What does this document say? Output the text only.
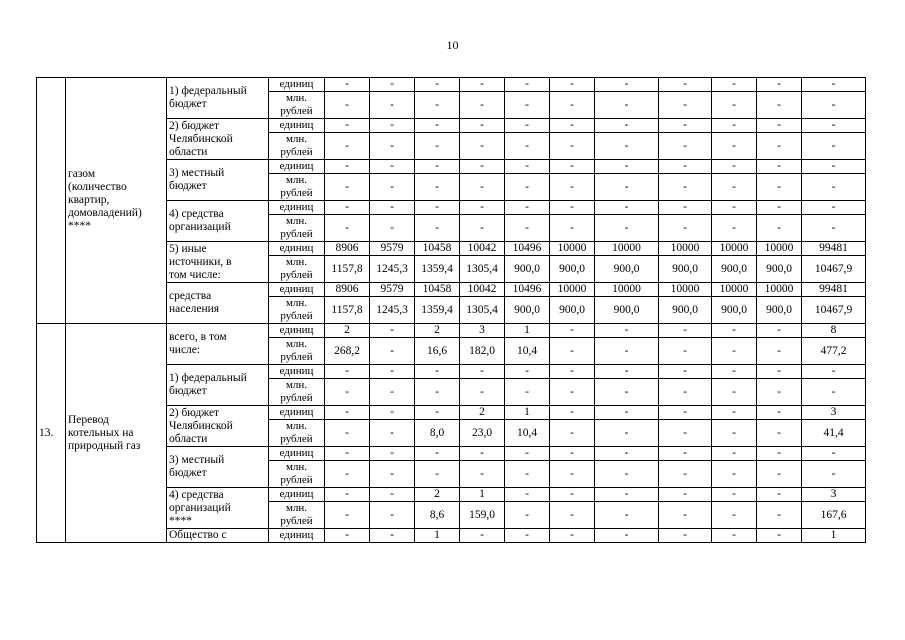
10

	газом
(количество
квартир,
домовладений)
****	1) федеральный
бюджет	единиц	-	-	-	-	-	-	-	-	-	-	-

			млн. рублей	-	-	-	-	-	-	-	-	-	-	-

		2) бюджет
Челябинской
области	единиц	-	-	-	-	-	-	-	-	-	-	-

			млн. рублей	-	-	-	-	-	-	-	-	-	-	-

		3) местный
бюджет	единиц	-	-	-	-	-	-	-	-	-	-	-

			млн. рублей	-	-	-	-	-	-	-	-	-	-	-

		4) средства
организаций	единиц	-	-	-	-	-	-	-	-	-	-	-

			млн. рублей	-	-	-	-	-	-	-	-	-	-	-

		5) иные
источники, в
том числе:	единиц	8906	9579	10458	10042	10496	10000	10000	10000	10000	10000	99481

			млн. рублей	1157,8	1245,3	1359,4	1305,4	900,0	900,0	900,0	900,0	900,0	900,0	10467,9

		средства
населения	единиц	8906	9579	10458	10042	10496	10000	10000	10000	10000	10000	99481

			млн. рублей	1157,8	1245,3	1359,4	1305,4	900,0	900,0	900,0	900,0	900,0	900,0	10467,9

13.	Перевод
котельных на
природный газ	всего, в том
числе:	единиц	2	-	2	3	1	-	-	-	-	-	8

			млн. рублей	268,2	-	16,6	182,0	10,4	-	-	-	-	-	477,2

		1) федеральный
бюджет	единиц	-	-	-	-	-	-	-	-	-	-	-

			млн. рублей	-	-	-	-	-	-	-	-	-	-	-

		2) бюджет
Челябинской
области	единиц	-	-	-	2	1	-	-	-	-	-	3

			млн. рублей	-	-	8,0	23,0	10,4	-	-	-	-	-	41,4

		3) местный
бюджет	единиц	-	-	-	-	-	-	-	-	-	-	-

			млн. рублей	-	-	-	-	-	-	-	-	-	-	-

		4) средства
организаций
****	единиц	-	-	2	1	-	-	-	-	-	-	3

			млн. рублей	-	-	8,6	159,0	-	-	-	-	-	-	167,6

		Общество с	единиц	-	-	1	-	-	-	-	-	-	-	1
